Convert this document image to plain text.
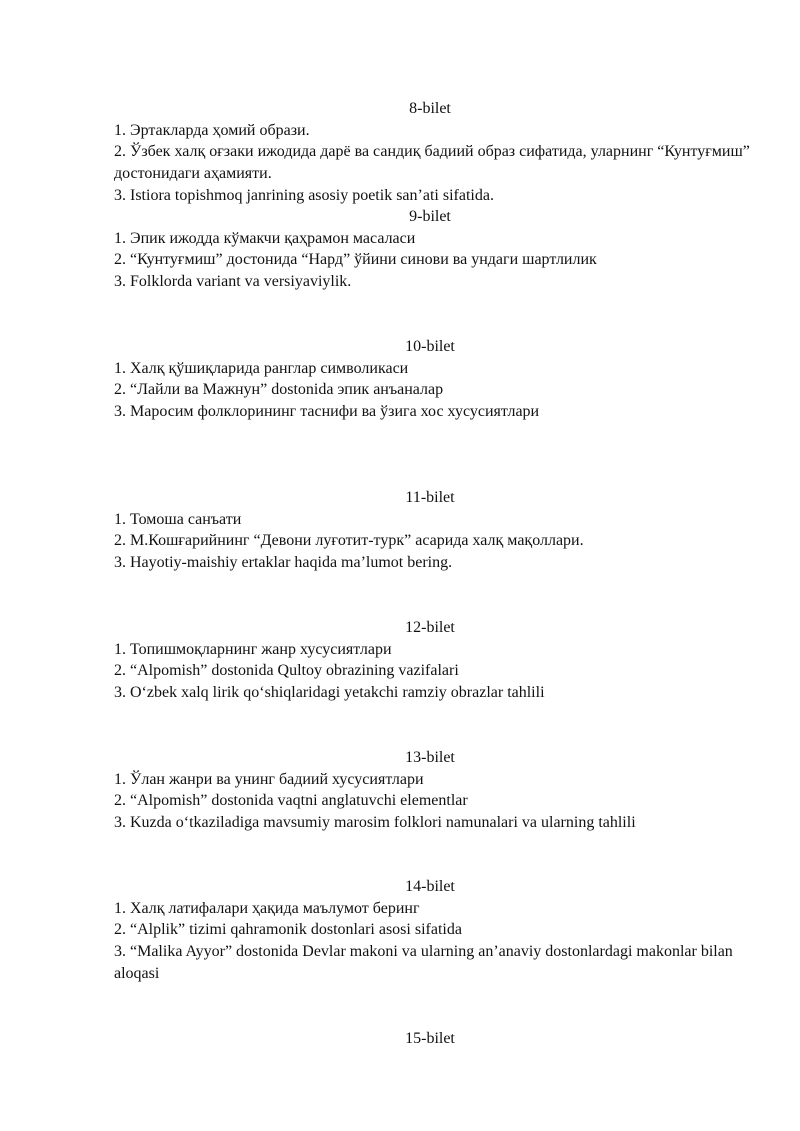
8-bilet
1. Эртакларда ҳомий образи.
2. Ўзбек халқ оғзаки ижодида дарё ва сандиқ бадиий образ сифатида, уларнинг “Кунтуғмиш” достонидаги аҳамияти.
3. Istiora topishmoq janrining asosiy poetik san’ati sifatida.
9-bilet
1. Эпик ижодда кўмакчи қаҳрамон масаласи
2. “Кунтуғмиш” достонида “Нард” ўйини синови ва ундаги шартлилик
3. Folklorda variant va versiyaviylik.
10-bilet
1. Халқ қўшиқларида ранглар символикаси
2. “Лайли ва Мажнун” dostonida эпик анъаналар
3. Маросим фолклорининг таснифи ва ўзига хос хусусиятлари
11-bilet
1. Томоша санъати
2. М.Кошғарийнинг “Девони луғотит-турк” асарида халқ мақоллари.
3. Hayotiy-maishiy ertaklar haqida ma’lumot bering.
12-bilet
1. Топишмоқларнинг жанр хусусиятлари
2. “Alpomish” dostonida Qultoy obrazining vazifalari
3. O‘zbek xalq lirik qo‘shiqlaridagi yetakchi ramziy obrazlar tahlili
13-bilet
1. Ўлан жанри ва унинг бадиий хусусиятлари
2. “Alpomish” dostonida vaqtni anglatuvchi elementlar
3. Kuzda o‘tkaziladiga mavsumiy marosim folklori namunalari va ularning tahlili
14-bilet
1. Халқ латифалари ҳақида маълумот беринг
2. “Alplik” tizimi qahramonik dostonlari asosi sifatida
3. “Malika Ayyor” dostonida Devlar makoni va ularning an’anaviy dostonlardagi makonlar bilan aloqasi
15-bilet
